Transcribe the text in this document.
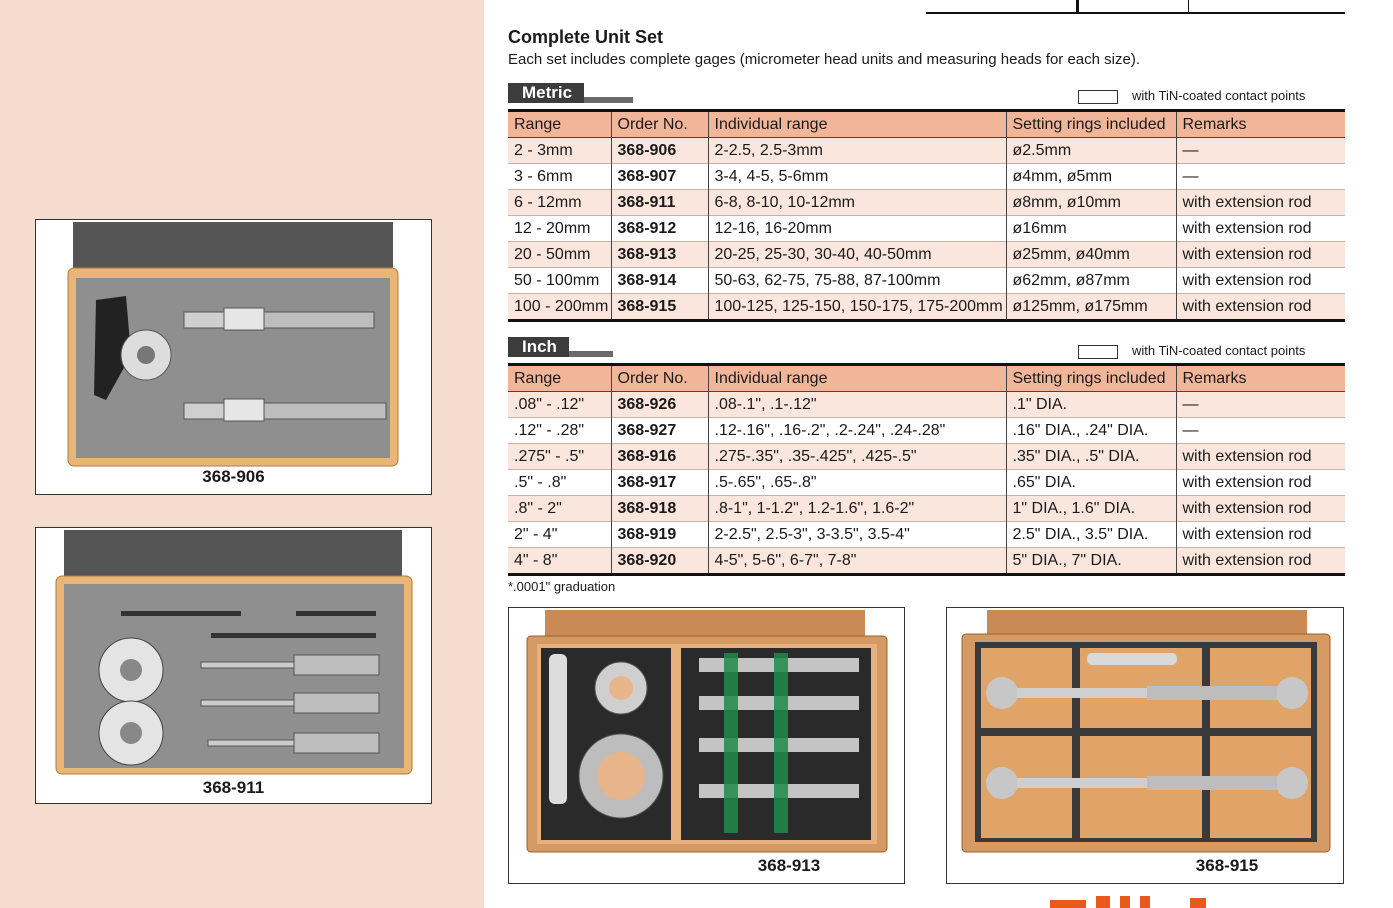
368-906
368-911
Complete Unit Set
Each set includes complete gages (micrometer head units and measuring heads for each size).
Metric	with TiN-coated contact points
Range	Order No.	Individual range	Setting rings included	Remarks
2 - 3mm	368-906	2-2.5, 2.5-3mm	ø2.5mm	—
3 - 6mm	368-907	3-4, 4-5, 5-6mm	ø4mm, ø5mm	—
6 - 12mm	368-911	6-8, 8-10, 10-12mm	ø8mm, ø10mm	with extension rod
12 - 20mm	368-912	12-16, 16-20mm	ø16mm	with extension rod
20 - 50mm	368-913	20-25, 25-30, 30-40, 40-50mm	ø25mm, ø40mm	with extension rod
50 - 100mm	368-914	50-63, 62-75, 75-88, 87-100mm	ø62mm, ø87mm	with extension rod
100 - 200mm	368-915	100-125, 125-150, 150-175, 175-200mm	ø125mm, ø175mm	with extension rod
Inch	with TiN-coated contact points
Range	Order No.	Individual range	Setting rings included	Remarks
.08" - .12"	368-926	.08-.1", .1-.12"	.1" DIA.	—
.12" - .28"	368-927	.12-.16", .16-.2", .2-.24", .24-.28"	.16" DIA., .24" DIA.	—
.275" - .5"	368-916	.275-.35", .35-.425", .425-.5"	.35" DIA., .5" DIA.	with extension rod
.5" - .8"	368-917	.5-.65", .65-.8"	.65" DIA.	with extension rod
.8" - 2"	368-918	.8-1", 1-1.2", 1.2-1.6", 1.6-2"	1" DIA., 1.6" DIA.	with extension rod
2" - 4"	368-919	2-2.5", 2.5-3", 3-3.5", 3.5-4"	2.5" DIA., 3.5" DIA.	with extension rod
4" - 8"	368-920	4-5", 5-6", 6-7", 7-8"	5" DIA., 7" DIA.	with extension rod
*.0001" graduation
368-913	368-915
